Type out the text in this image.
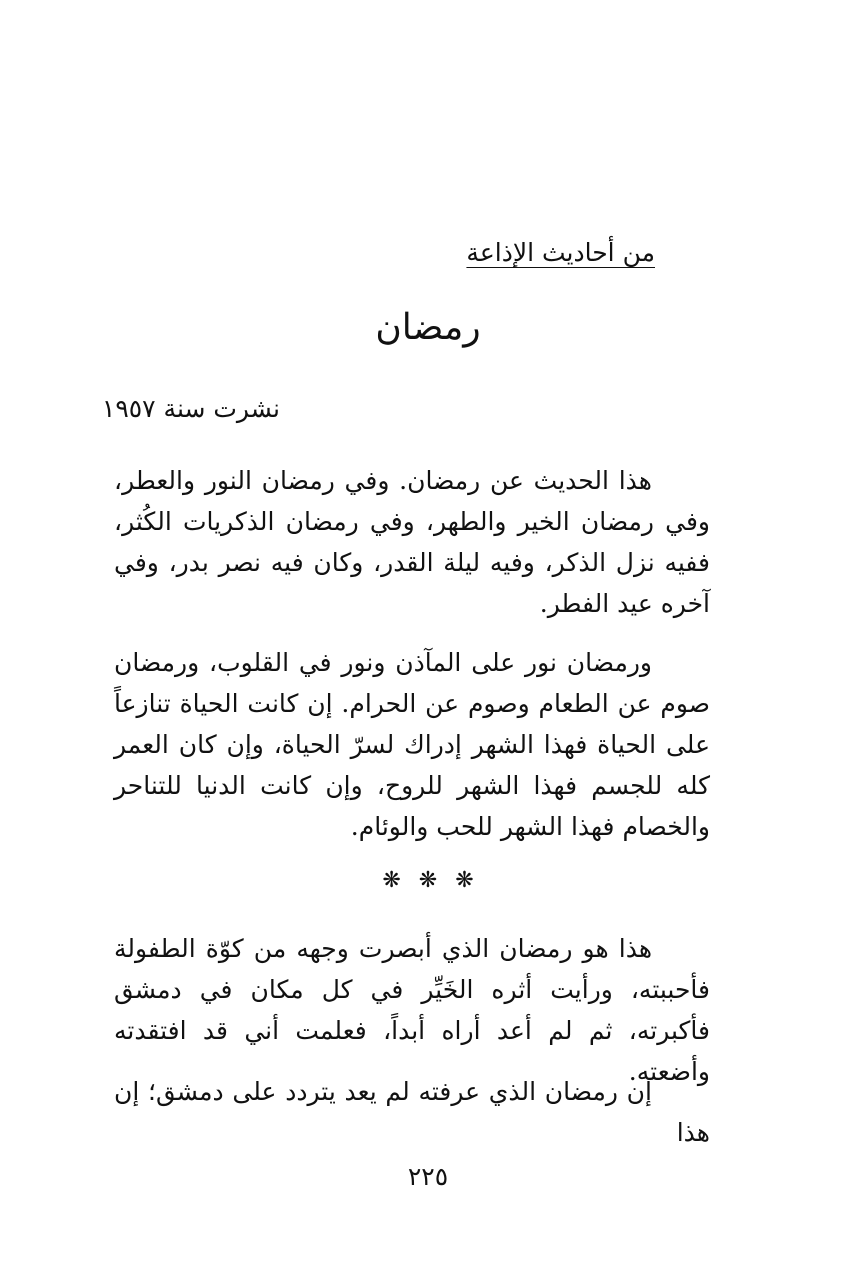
من أحاديث الإذاعة
رمضان
نشرت سنة ١٩٥٧

هذا الحديث عن رمضان. وفي رمضان النور والعطر، وفي رمضان الخير والطهر، وفي رمضان الذكريات الكُثر، ففيه نزل الذكر، وفيه ليلة القدر، وكان فيه نصر بدر، وفي آخره عيد الفطر.

ورمضان نور على المآذن ونور في القلوب، ورمضان صوم عن الطعام وصوم عن الحرام. إن كانت الحياة تنازعاً على الحياة فهذا الشهر إدراك لسرّ الحياة، وإن كان العمر كله للجسم فهذا الشهر للروح، وإن كانت الدنيا للتناحر والخصام فهذا الشهر للحب والوئام.

❋❋❋

هذا هو رمضان الذي أبصرت وجهه من كوّة الطفولة فأحببته، ورأيت أثره الخَيِّر في كل مكان في دمشق فأكبرته، ثم لم أعد أراه أبداً، فعلمت أني قد افتقدته وأضعته.

إن رمضان الذي عرفته لم يعد يتردد على دمشق؛ إن هذا

٢٢٥
